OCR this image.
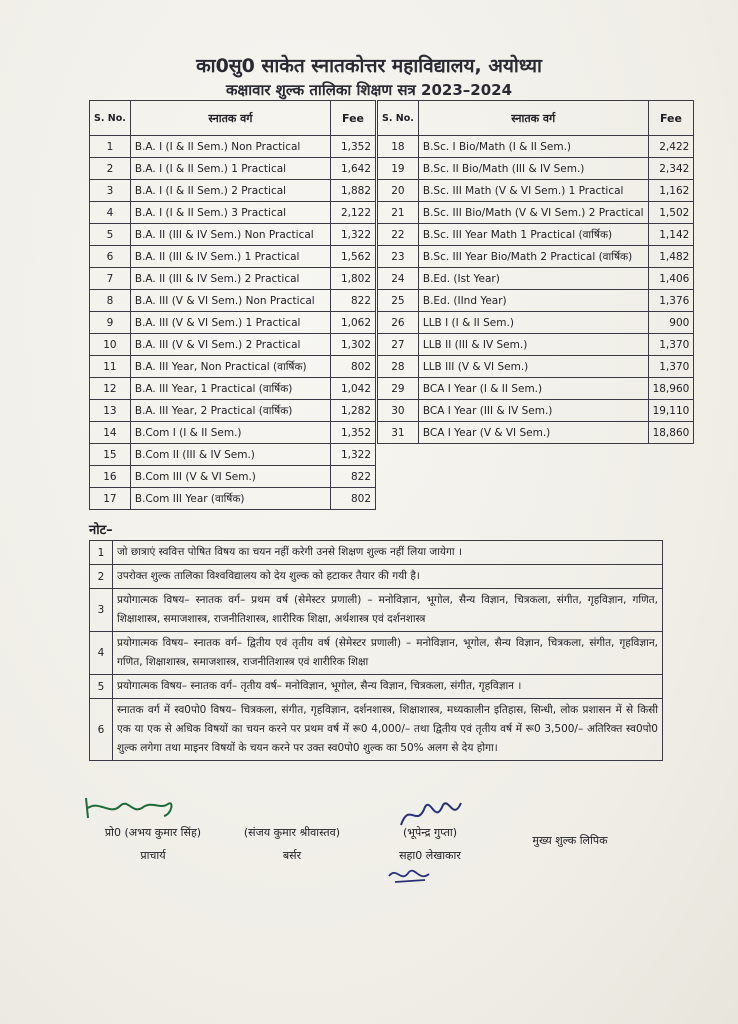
का0सु0 साकेत स्नातकोत्तर महाविद्यालय, अयोध्या
कक्षावार शुल्क तालिका शिक्षण सत्र 2023–2024
S. No.	स्नातक वर्ग	Fee
1	B.A. I (I & II Sem.) Non Practical	1,352
2	B.A. I (I & II Sem.) 1 Practical	1,642
3	B.A. I (I & II Sem.) 2 Practical	1,882
4	B.A. I (I & II Sem.) 3 Practical	2,122
5	B.A. II (III & IV Sem.) Non Practical	1,322
6	B.A. II (III & IV Sem.) 1 Practical	1,562
7	B.A. II (III & IV Sem.) 2 Practical	1,802
8	B.A. III (V & VI Sem.) Non Practical	822
9	B.A. III (V & VI Sem.) 1 Practical	1,062
10	B.A. III (V & VI Sem.) 2 Practical	1,302
11	B.A. III Year, Non Practical (वार्षिक)	802
12	B.A. III Year, 1 Practical (वार्षिक)	1,042
13	B.A. III Year, 2 Practical (वार्षिक)	1,282
14	B.Com I (I & II Sem.)	1,352
15	B.Com II (III & IV Sem.)	1,322
16	B.Com III (V & VI Sem.)	822
17	B.Com III Year (वार्षिक)	802
S. No.	स्नातक वर्ग	Fee
18	B.Sc. I Bio/Math (I & II Sem.)	2,422
19	B.Sc. II Bio/Math (III & IV Sem.)	2,342
20	B.Sc. III Math (V & VI Sem.) 1 Practical	1,162
21	B.Sc. III Bio/Math (V & VI Sem.) 2 Practical	1,502
22	B.Sc. III Year Math 1 Practical (वार्षिक)	1,142
23	B.Sc. III Year Bio/Math 2 Practical (वार्षिक)	1,482
24	B.Ed. (Ist Year)	1,406
25	B.Ed. (IInd Year)	1,376
26	LLB I (I & II Sem.)	900
27	LLB II (III & IV Sem.)	1,370
28	LLB III (V & VI Sem.)	1,370
29	BCA I Year (I & II Sem.)	18,960
30	BCA I Year (III & IV Sem.)	19,110
31	BCA I Year (V & VI Sem.)	18,860
नोट–
1	जो छात्राएं स्ववित्त पोषित विषय का चयन नहीं करेगी उनसे शिक्षण शुल्क नहीं लिया जायेगा ।
2	उपरोक्त शुल्क तालिका विश्वविद्यालय को देय शुल्क को हटाकर तैयार की गयी है।
3	प्रयोगात्मक विषय– स्नातक वर्ग– प्रथम वर्ष (सेमेस्टर प्रणाली) – मनोविज्ञान, भूगोल, सैन्य विज्ञान, चित्रकला, संगीत, गृहविज्ञान, गणित, शिक्षाशास्त्र, समाजशास्त्र, राजनीतिशास्त्र, शारीरिक शिक्षा, अर्थशास्त्र एवं दर्शनशास्त्र
4	प्रयोगात्मक विषय– स्नातक वर्ग– द्वितीय एवं तृतीय वर्ष (सेमेस्टर प्रणाली) – मनोविज्ञान, भूगोल, सैन्य विज्ञान, चित्रकला, संगीत, गृहविज्ञान, गणित, शिक्षाशास्त्र, समाजशास्त्र, राजनीतिशास्त्र एवं शारीरिक शिक्षा
5	प्रयोगात्मक विषय– स्नातक वर्ग– तृतीय वर्ष– मनोविज्ञान, भूगोल, सैन्य विज्ञान, चित्रकला, संगीत, गृहविज्ञान ।
6	स्नातक वर्ग में स्व0पो0 विषय– चित्रकला, संगीत, गृहविज्ञान, दर्शनशास्त्र, शिक्षाशास्त्र, मध्यकालीन इतिहास, सिन्धी, लोक प्रशासन में से किसी एक या एक से अधिक विषयों का चयन करने पर प्रथम वर्ष में रू0 4,000/– तथा द्वितीय एवं तृतीय वर्ष में रू0 3,500/– अतिरिक्त स्व0पो0 शुल्क लगेगा तथा माइनर विषयों के चयन करने पर उक्त स्व0पो0 शुल्क का 50% अलग से देय होगा।
प्रो0 (अभय कुमार सिंह)
प्राचार्य
(संजय कुमार श्रीवास्तव)
बर्सर
(भूपेन्द्र गुप्ता)
सहा0 लेखाकार
मुख्य शुल्क लिपिक
